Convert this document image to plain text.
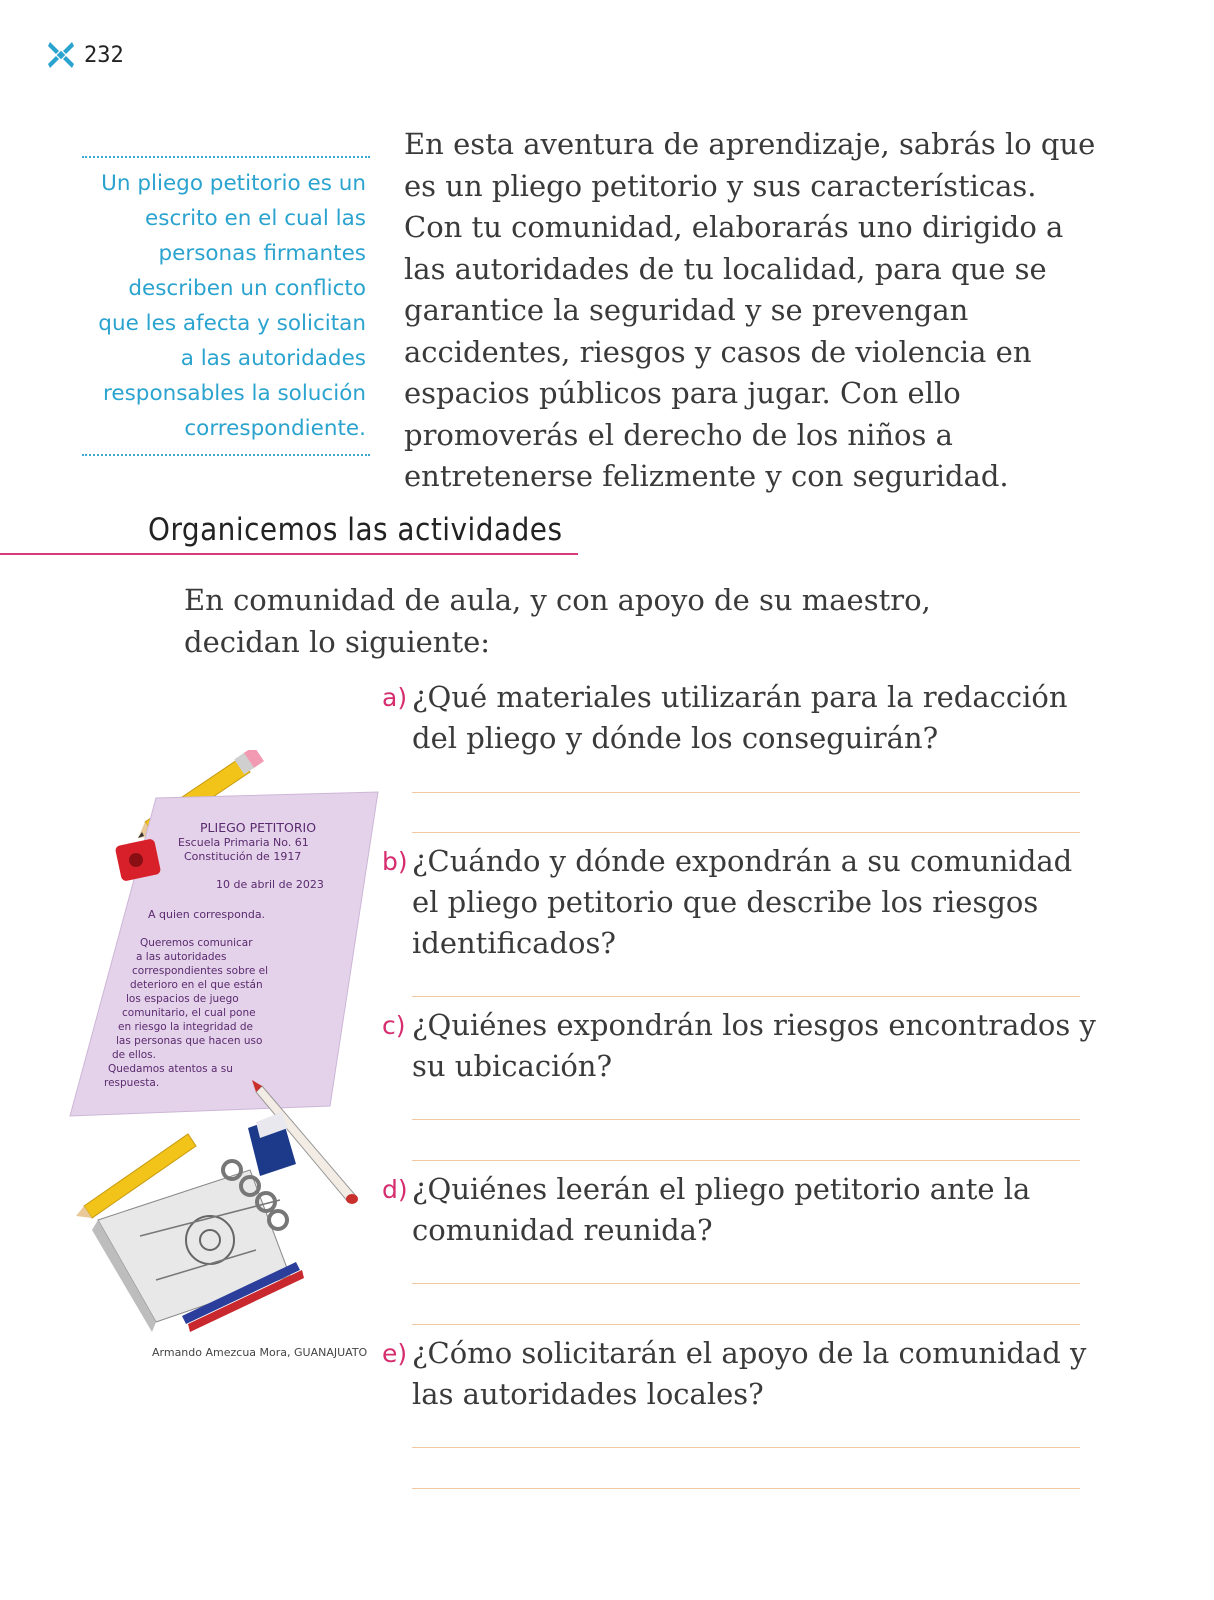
232

Un pliego petitorio es un escrito en el cual las personas firmantes describen un conflicto que les afecta y solicitan a las autoridades responsables la solución correspondiente.

En esta aventura de aprendizaje, sabrás lo que es un pliego petitorio y sus características. Con tu comunidad, elaborarás uno dirigido a las autoridades de tu localidad, para que se garantice la seguridad y se prevengan accidentes, riesgos y casos de violencia en espacios públicos para jugar. Con ello promoverás el derecho de los niños a entretenerse felizmente y con seguridad.

Organicemos las actividades

En comunidad de aula, y con apoyo de su maestro, decidan lo siguiente:

a) ¿Qué materiales utilizarán para la redacción del pliego y dónde los conseguirán?
b) ¿Cuándo y dónde expondrán a su comunidad el pliego petitorio que describe los riesgos identificados?
c) ¿Quiénes expondrán los riesgos encontrados y su ubicación?
d) ¿Quiénes leerán el pliego petitorio ante la comunidad reunida?
e) ¿Cómo solicitarán el apoyo de la comunidad y las autoridades locales?
PLIEGO PETITORIO
Escuela Primaria No. 61
Constitución de 1917
10 de abril de 2023
A quien corresponda.
Queremos comunicar
a las autoridades
correspondientes sobre el
deterioro en el que están
los espacios de juego
comunitario, el cual pone
en riesgo la integridad de
las personas que hacen uso
de ellos.
Quedamos atentos a su
respuesta.
Armando Amezcua Mora, GUANAJUATO
